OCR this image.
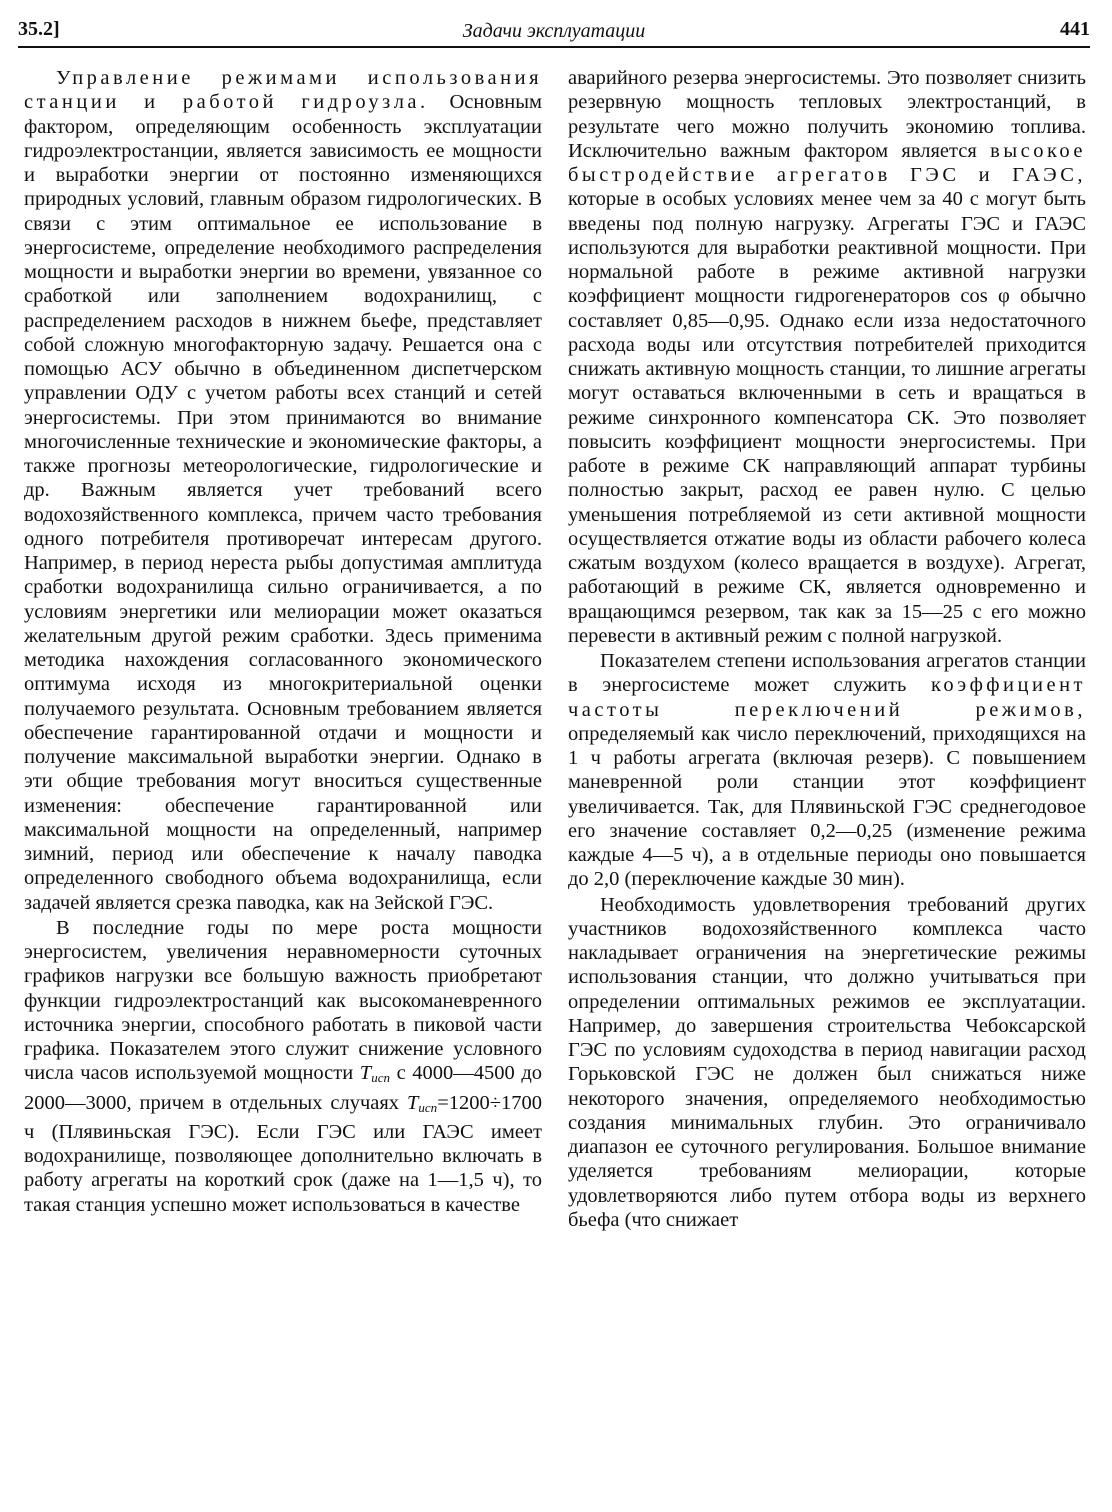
35.2]	Задачи эксплуатации	441

Управление режимами использования станции и работой гидроузла. Основным фактором, определяющим особенность эксплуатации гидроэлектростанции, является зависимость ее мощности и выработки энергии от постоянно изменяющихся природных условий, главным образом гидрологических. В связи с этим оптимальное ее использование в энергосистеме, определение необходимого распределения мощности и выработки энергии во времени, увязанное со сработкой или заполнением водохранилищ, с распределением расходов в нижнем бьефе, представляет собой сложную многофакторную задачу. Решается она с помощью АСУ обычно в объединенном диспетчерском управлении ОДУ с учетом работы всех станций и сетей энергосистемы. При этом принимаются во внимание многочисленные технические и экономические факторы, а также прогнозы метеорологические, гидрологические и др. Важным является учет требований всего водохозяйственного комплекса, причем часто требования одного потребителя противоречат интересам другого. Например, в период нереста рыбы допустимая амплитуда сработки водохранилища сильно ограничивается, а по условиям энергетики или мелиорации может оказаться желательным другой режим сработки. Здесь применима методика нахождения согласованного экономического оптимума исходя из многокритериальной оценки получаемого результата. Основным требованием является обеспечение гарантированной отдачи и мощности и получение максимальной выработки энергии. Однако в эти общие требования могут вноситься существенные изменения: обеспечение гарантированной или максимальной мощности на определенный, например зимний, период или обеспечение к началу паводка определенного свободного объема водохранилища, если задачей является срезка паводка, как на Зейской ГЭС.

В последние годы по мере роста мощности энергосистем, увеличения неравномерности суточных графиков нагрузки все большую важность приобретают функции гидроэлектростанций как высокоманевренного источника энергии, способного работать в пиковой части графика. Показателем этого служит снижение условного числа часов используемой мощности $T_{исп}$ с 4000—4500 до 2000—3000, причем в отдельных случаях $T_{исп}=1200\div 1700$ ч (Плявиньская ГЭС). Если ГЭС или ГАЭС имеет водохранилище, позволяющее дополнительно включать в работу агрегаты на короткий срок (даже на 1—1,5 ч), то такая станция успешно может использоваться в качестве

аварийного резерва энергосистемы. Это позволяет снизить резервную мощность тепловых электростанций, в результате чего можно получить экономию топлива. Исключительно важным фактором является высокое быстродействие агрегатов ГЭС и ГАЭС, которые в особых условиях менее чем за 40 с могут быть введены под полную нагрузку. Агрегаты ГЭС и ГАЭС используются для выработки реактивной мощности. При нормальной работе в режиме активной нагрузки коэффициент мощности гидрогенераторов cos φ обычно составляет 0,85—0,95. Однако если изза недостаточного расхода воды или отсутствия потребителей приходится снижать активную мощность станции, то лишние агрегаты могут оставаться включенными в сеть и вращаться в режиме синхронного компенсатора СК. Это позволяет повысить коэффициент мощности энергосистемы. При работе в режиме СК направляющий аппарат турбины полностью закрыт, расход ее равен нулю. С целью уменьшения потребляемой из сети активной мощности осуществляется отжатие воды из области рабочего колеса сжатым воздухом (колесо вращается в воздухе). Агрегат, работающий в режиме СК, является одновременно и вращающимся резервом, так как за 15—25 с его можно перевести в активный режим с полной нагрузкой.

Показателем степени использования агрегатов станции в энергосистеме может служить коэффициент частоты переключений режимов, определяемый как число переключений, приходящихся на 1 ч работы агрегата (включая резерв). С повышением маневренной роли станции этот коэффициент увеличивается. Так, для Плявиньской ГЭС среднегодовое его значение составляет 0,2—0,25 (изменение режима каждые 4—5 ч), а в отдельные периоды оно повышается до 2,0 (переключение каждые 30 мин).

Необходимость удовлетворения требований других участников водохозяйственного комплекса часто накладывает ограничения на энергетические режимы использования станции, что должно учитываться при определении оптимальных режимов ее эксплуатации. Например, до завершения строительства Чебоксарской ГЭС по условиям судоходства в период навигации расход Горьковской ГЭС не должен был снижаться ниже некоторого значения, определяемого необходимостью создания минимальных глубин. Это ограничивало диапазон ее суточного регулирования. Большое внимание уделяется требованиям мелиорации, которые удовлетворяются либо путем отбора воды из верхнего бьефа (что снижает
